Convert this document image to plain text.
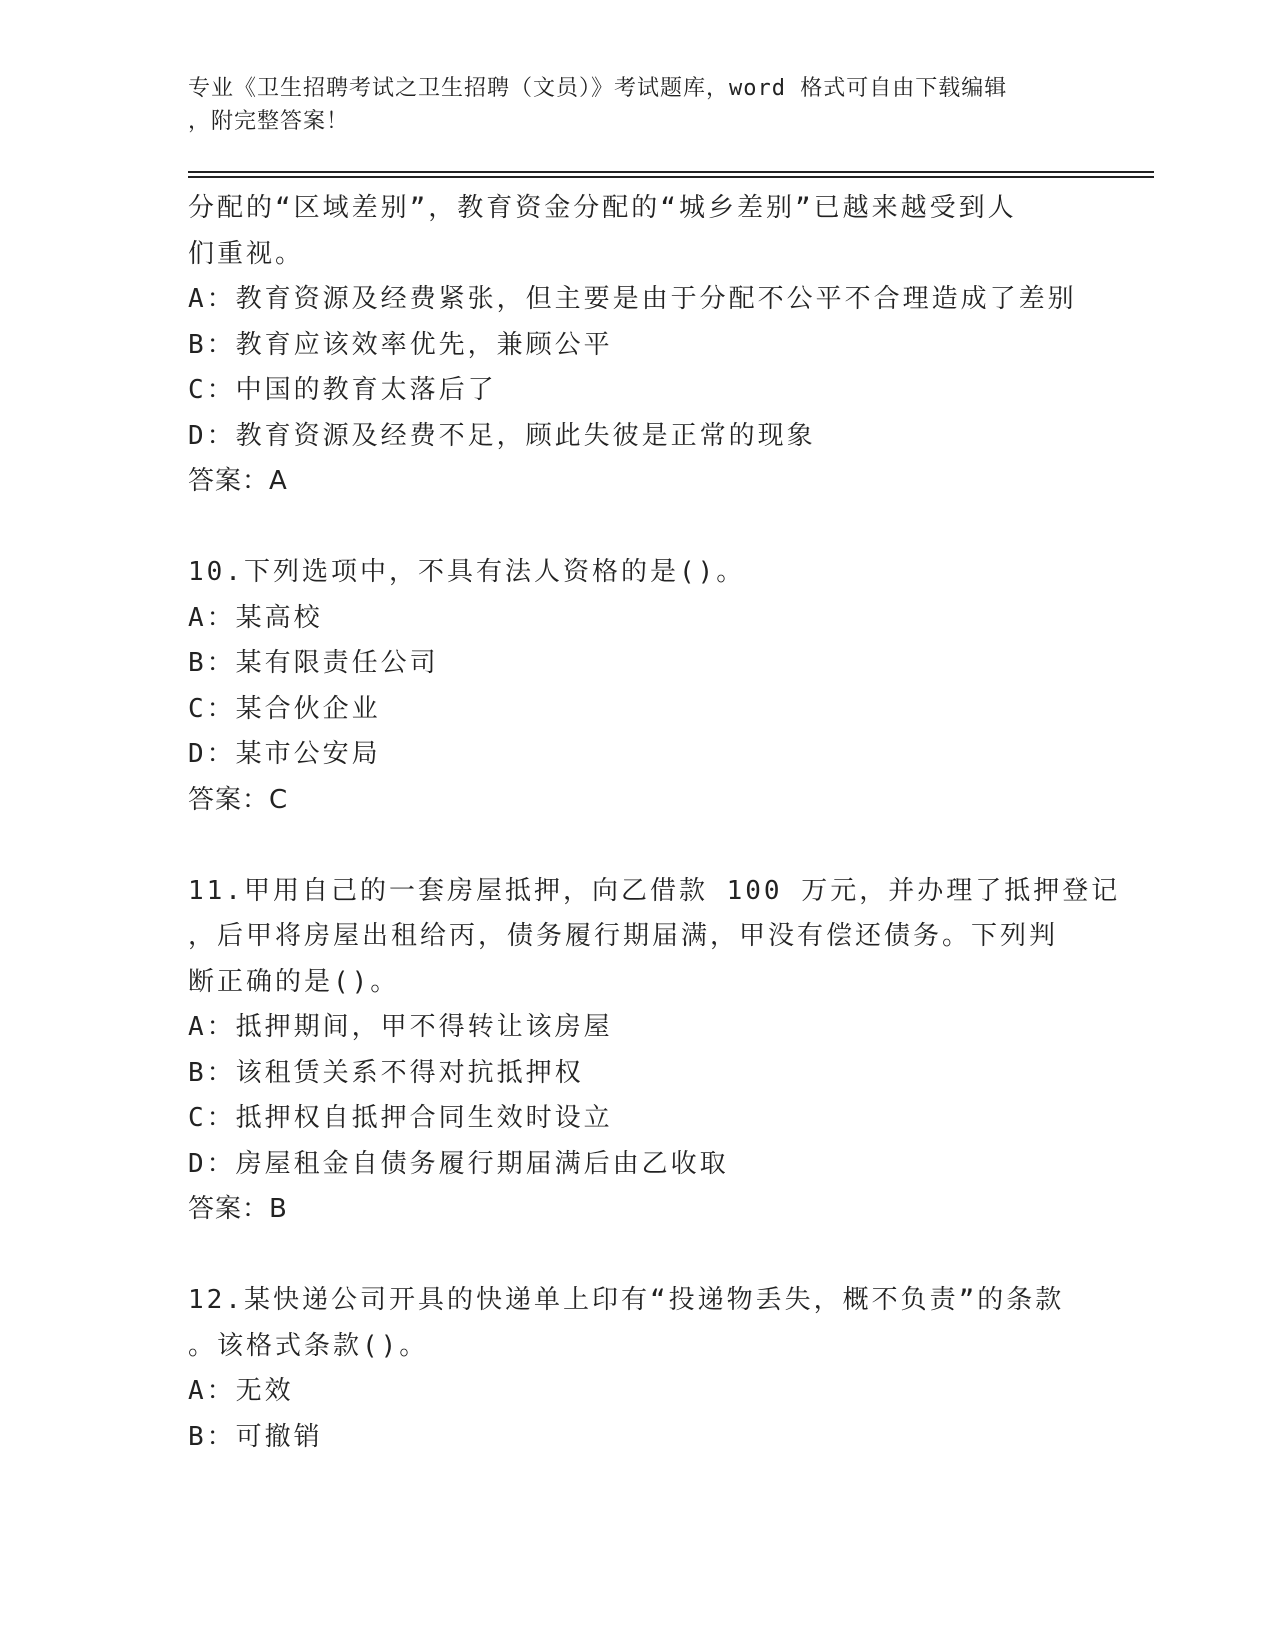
专业《卫生招聘考试之卫生招聘（文员）》考试题库，word 格式可自由下载编辑

，附完整答案！

分配的“区域差别”，教育资金分配的“城乡差别”已越来越受到人
们重视。
A：教育资源及经费紧张，但主要是由于分配不公平不合理造成了差别
B：教育应该效率优先，兼顾公平
C：中国的教育太落后了
D：教育资源及经费不足，顾此失彼是正常的现象
答案：A
10.下列选项中，不具有法人资格的是()。
A：某高校
B：某有限责任公司
C：某合伙企业
D：某市公安局
答案：C
11.甲用自己的一套房屋抵押，向乙借款 100 万元，并办理了抵押登记
，后甲将房屋出租给丙，债务履行期届满，甲没有偿还债务。下列判
断正确的是()。
A：抵押期间，甲不得转让该房屋
B：该租赁关系不得对抗抵押权
C：抵押权自抵押合同生效时设立
D：房屋租金自债务履行期届满后由乙收取
答案：B
12.某快递公司开具的快递单上印有“投递物丢失，概不负责”的条款
。该格式条款()。
A：无效
B：可撤销
